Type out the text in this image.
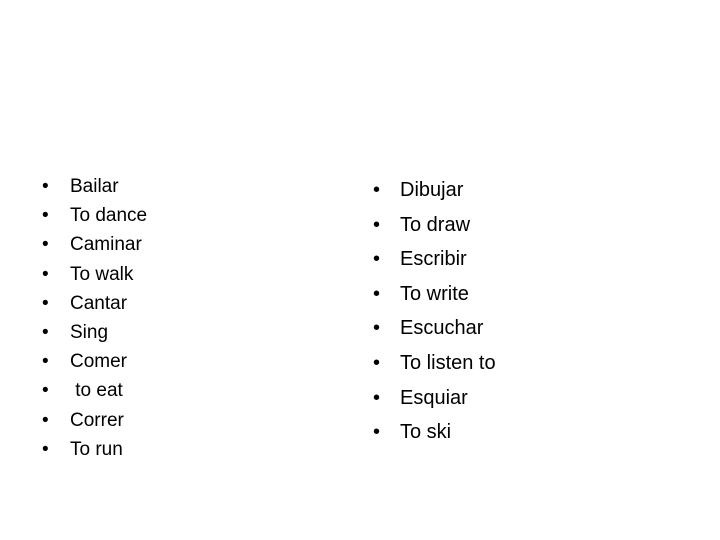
• Bailar
• To dance
• Caminar
• To walk
• Cantar
• Sing
• Comer
• to eat
• Correr
• To run
• Dibujar
• To draw
• Escribir
• To write
• Escuchar
• To listen to
• Esquiar
• To ski
